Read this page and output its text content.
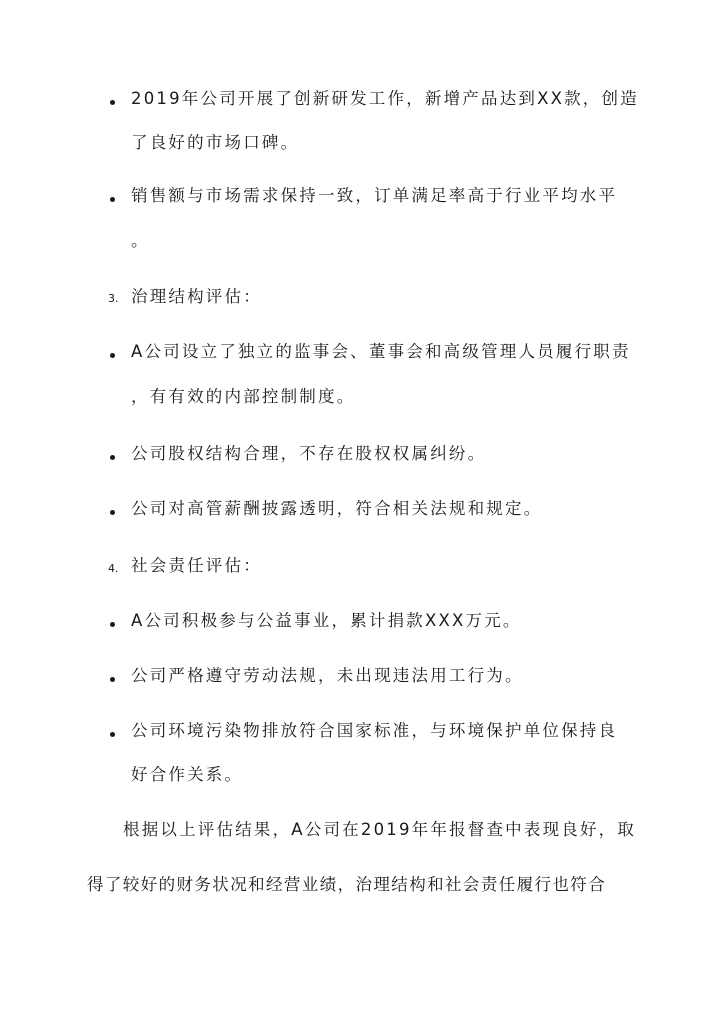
2019年公司开展了创新研发工作，新增产品达到XX款，创造
了良好的市场口碑。
销售额与市场需求保持一致，订单满足率高于行业平均水平
。
3. 治理结构评估：
A公司设立了独立的监事会、董事会和高级管理人员履行职责
，有有效的内部控制制度。
公司股权结构合理，不存在股权权属纠纷。
公司对高管薪酬披露透明，符合相关法规和规定。
4. 社会责任评估：
A公司积极参与公益事业，累计捐款XXX万元。
公司严格遵守劳动法规，未出现违法用工行为。
公司环境污染物排放符合国家标准，与环境保护单位保持良
好合作关系。
根据以上评估结果，A公司在2019年年报督查中表现良好，取
得了较好的财务状况和经营业绩，治理结构和社会责任履行也符合
